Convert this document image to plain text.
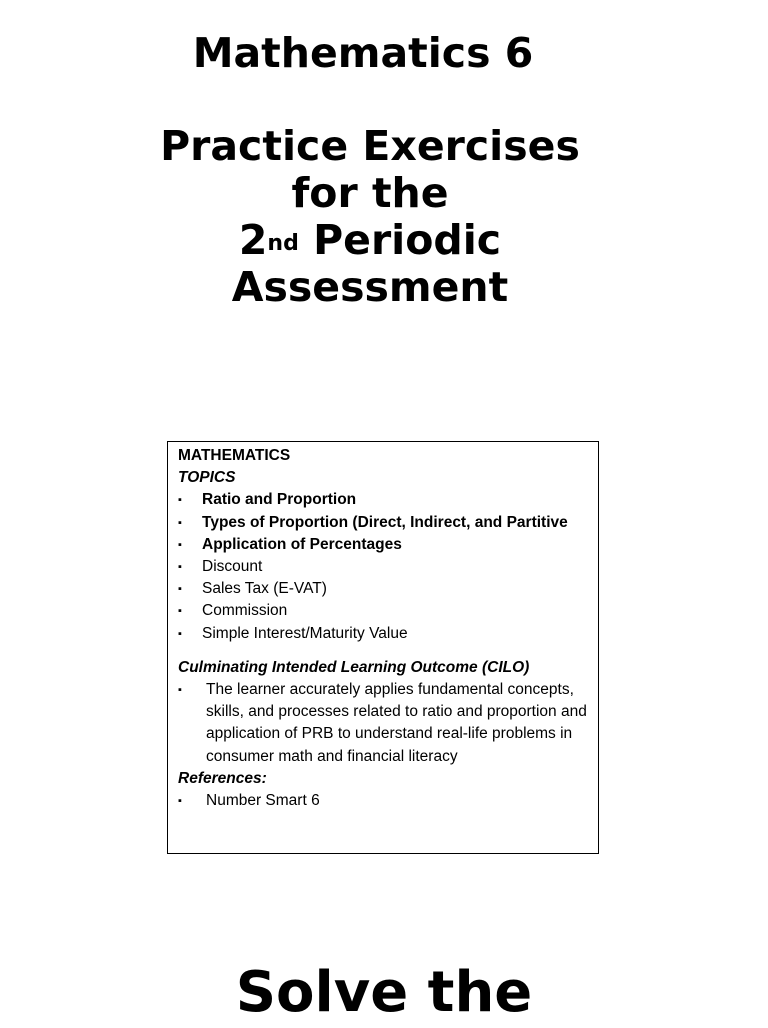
Mathematics 6
Practice Exercises
for the
2nd Periodic
Assessment
MATHEMATICS
TOPICS
▪ Ratio and Proportion
▪ Types of Proportion (Direct, Indirect, and Partitive
▪ Application of Percentages
▪ Discount
▪ Sales Tax (E-VAT)
▪ Commission
▪ Simple Interest/Maturity Value
Culminating Intended Learning Outcome (CILO)
▪ The learner accurately applies fundamental concepts, skills, and processes related to ratio and proportion and application of PRB to understand real-life problems in consumer math and financial literacy
References:
▪ Number Smart 6
Solve the
